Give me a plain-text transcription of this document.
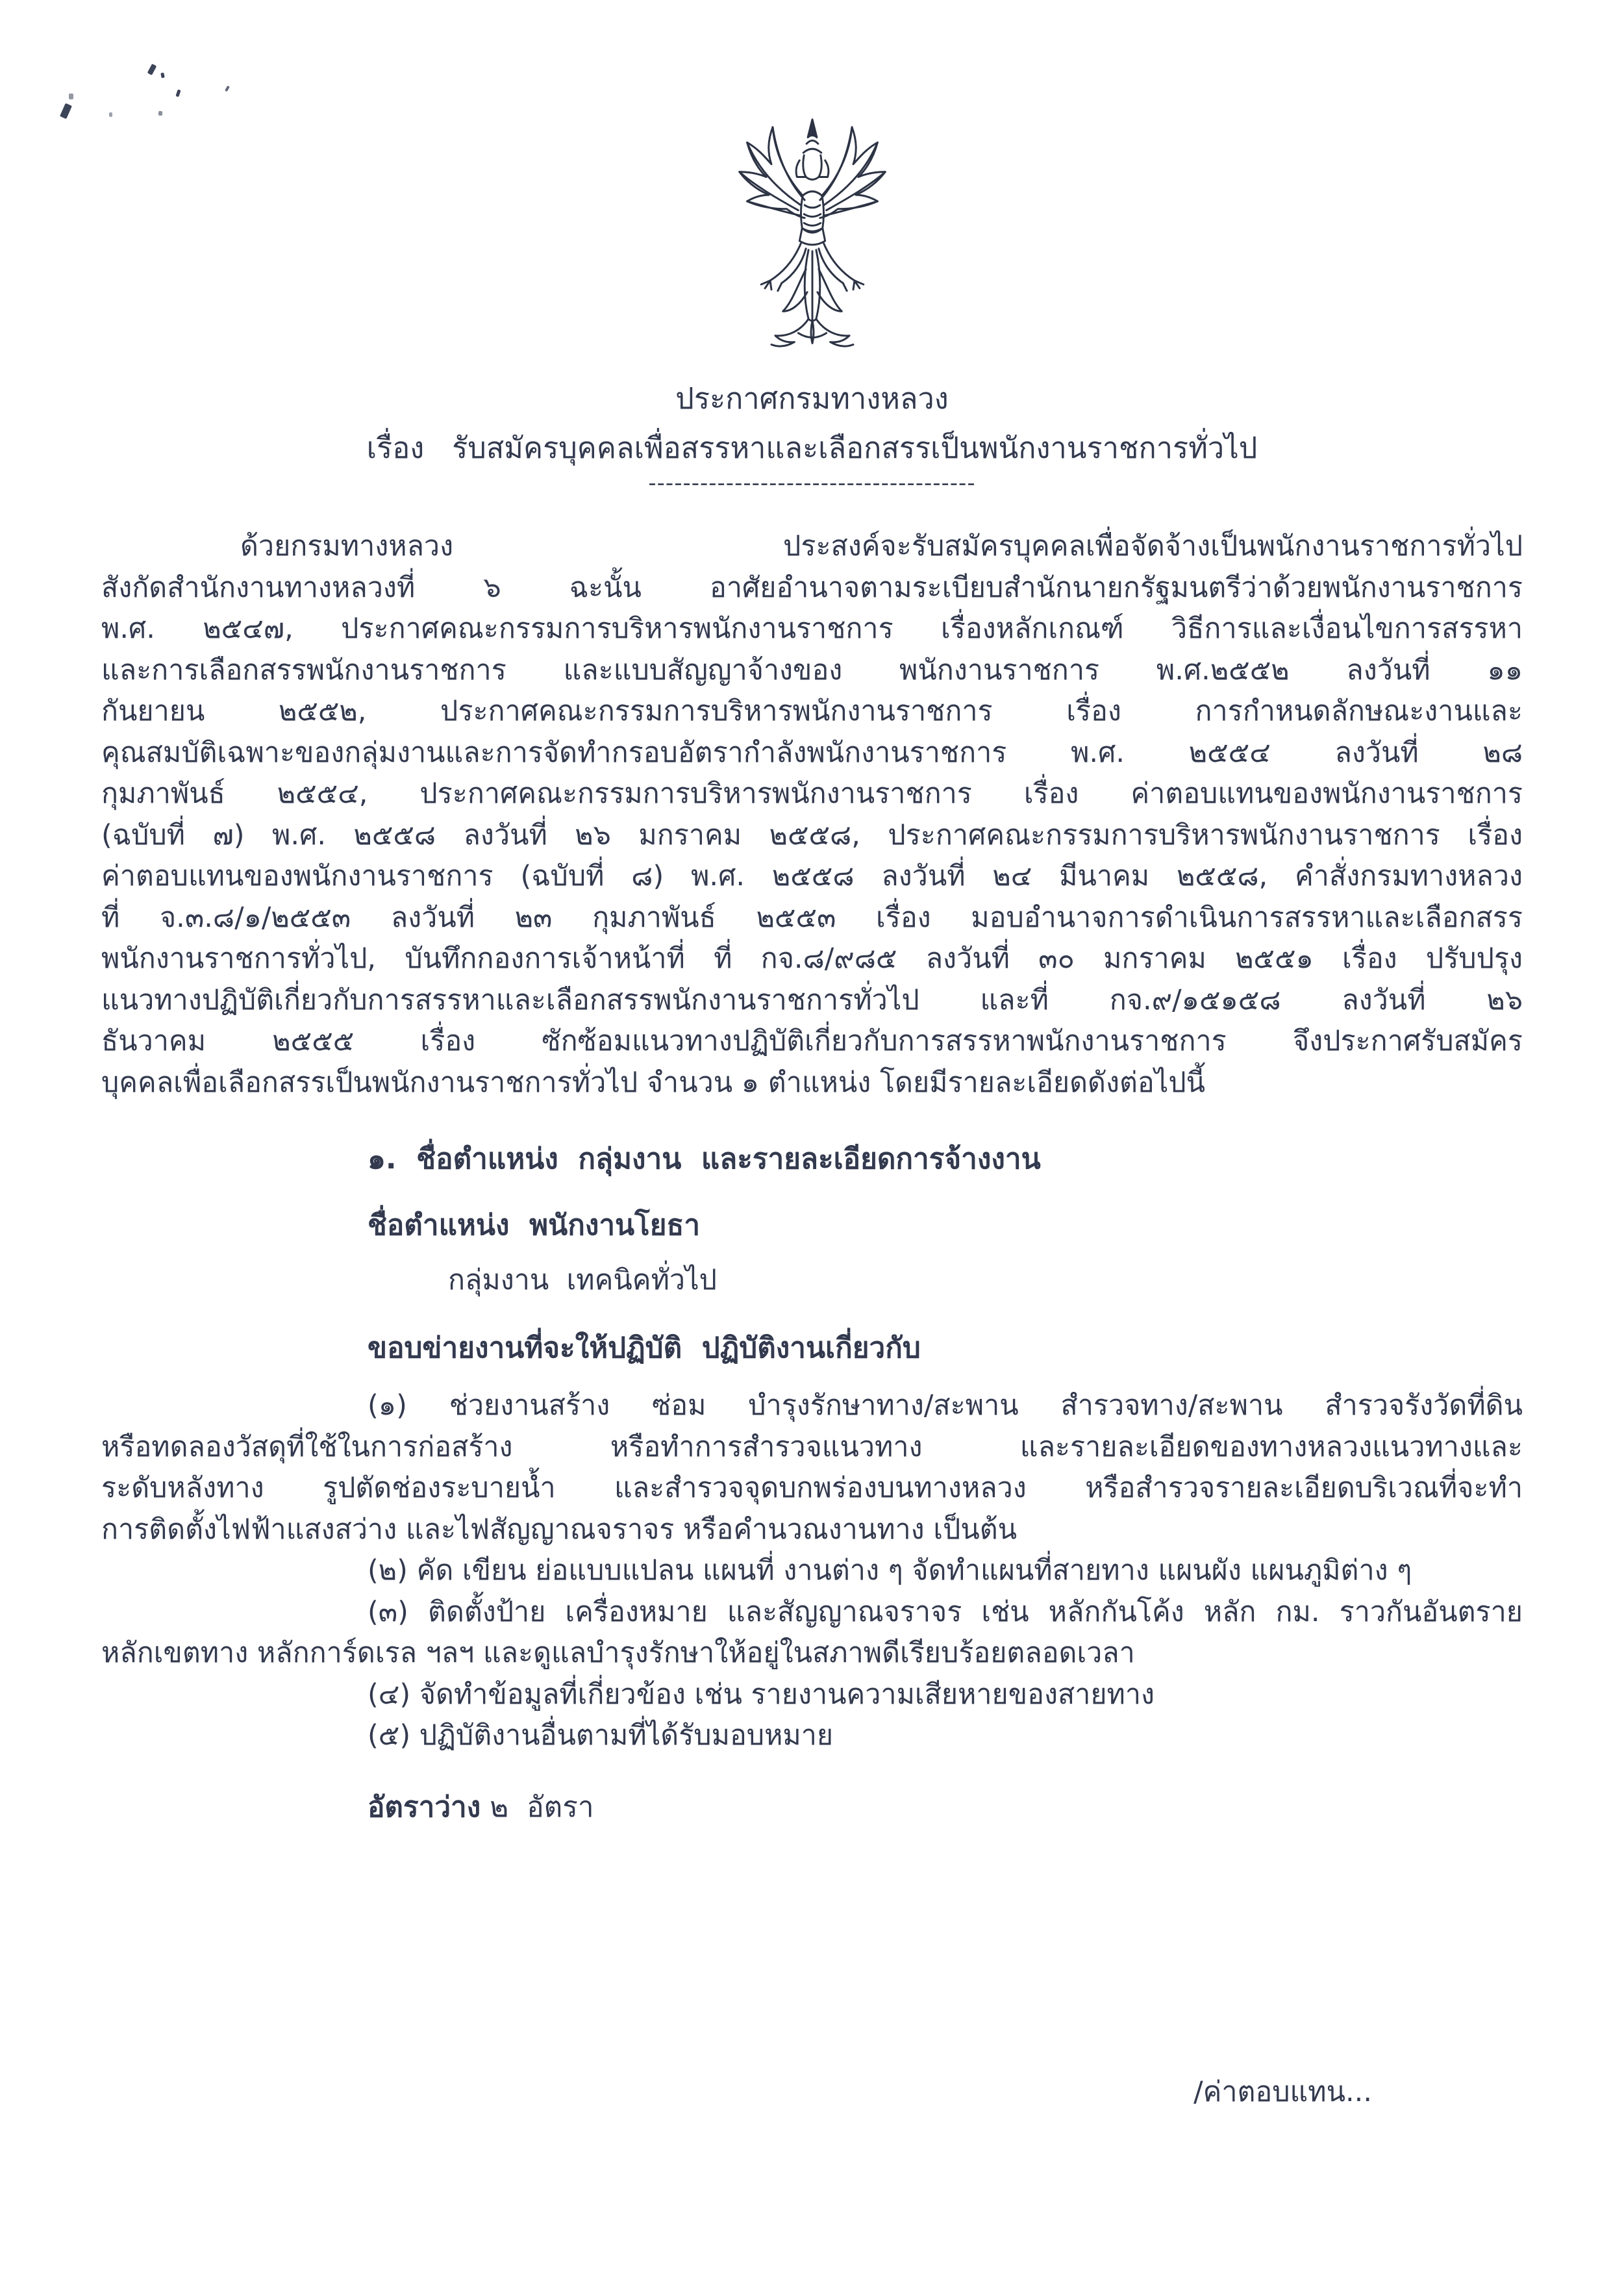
ประกาศกรมทางหลวง
เรื่อง   รับสมัครบุคคลเพื่อสรรหาและเลือกสรรเป็นพนักงานราชการทั่วไป
--------------------------------------
ด้วยกรมทางหลวง ประสงค์จะรับสมัครบุคคลเพื่อจัดจ้างเป็นพนักงานราชการทั่วไป
สังกัดสำนักงานทางหลวงที่ ๖ ฉะนั้น อาศัยอำนาจตามระเบียบสำนักนายกรัฐมนตรีว่าด้วยพนักงานราชการ
พ.ศ. ๒๕๔๗, ประกาศคณะกรรมการบริหารพนักงานราชการ เรื่องหลักเกณฑ์ วิธีการและเงื่อนไขการสรรหา
และการเลือกสรรพนักงานราชการ และแบบสัญญาจ้างของ พนักงานราชการ พ.ศ.๒๕๕๒ ลงวันที่ ๑๑
กันยายน ๒๕๕๒, ประกาศคณะกรรมการบริหารพนักงานราชการ เรื่อง การกำหนดลักษณะงานและ
คุณสมบัติเฉพาะของกลุ่มงานและการจัดทำกรอบอัตรากำลังพนักงานราชการ พ.ศ. ๒๕๕๔ ลงวันที่ ๒๘
กุมภาพันธ์ ๒๕๕๔, ประกาศคณะกรรมการบริหารพนักงานราชการ เรื่อง ค่าตอบแทนของพนักงานราชการ
(ฉบับที่ ๗) พ.ศ. ๒๕๕๘ ลงวันที่ ๒๖ มกราคม ๒๕๕๘, ประกาศคณะกรรมการบริหารพนักงานราชการ เรื่อง
ค่าตอบแทนของพนักงานราชการ (ฉบับที่ ๘) พ.ศ. ๒๕๕๘ ลงวันที่ ๒๔ มีนาคม ๒๕๕๘, คำสั่งกรมทางหลวง
ที่ จ.๓.๘/๑/๒๕๕๓ ลงวันที่ ๒๓ กุมภาพันธ์ ๒๕๕๓ เรื่อง มอบอำนาจการดำเนินการสรรหาและเลือกสรร
พนักงานราชการทั่วไป, บันทึกกองการเจ้าหน้าที่ ที่ กจ.๘/๙๘๕ ลงวันที่ ๓๐ มกราคม ๒๕๕๑ เรื่อง ปรับปรุง
แนวทางปฏิบัติเกี่ยวกับการสรรหาและเลือกสรรพนักงานราชการทั่วไป และที่ กจ.๙/๑๕๑๕๘ ลงวันที่ ๒๖
ธันวาคม ๒๕๕๕ เรื่อง ซักซ้อมแนวทางปฏิบัติเกี่ยวกับการสรรหาพนักงานราชการ จึงประกาศรับสมัคร
บุคคลเพื่อเลือกสรรเป็นพนักงานราชการทั่วไป จำนวน ๑ ตำแหน่ง โดยมีรายละเอียดดังต่อไปนี้
๑.  ชื่อตำแหน่ง  กลุ่มงาน  และรายละเอียดการจ้างงาน
ชื่อตำแหน่ง  พนักงานโยธา
กลุ่มงาน  เทคนิคทั่วไป
ขอบข่ายงานที่จะให้ปฏิบัติ  ปฏิบัติงานเกี่ยวกับ
(๑) ช่วยงานสร้าง ซ่อม บำรุงรักษาทาง/สะพาน สำรวจทาง/สะพาน สำรวจรังวัดที่ดิน
หรือทดลองวัสดุที่ใช้ในการก่อสร้าง หรือทำการสำรวจแนวทาง และรายละเอียดของทางหลวงแนวทางและ
ระดับหลังทาง รูปตัดช่องระบายน้ำ และสำรวจจุดบกพร่องบนทางหลวง หรือสำรวจรายละเอียดบริเวณที่จะทำ
การติดตั้งไฟฟ้าแสงสว่าง และไฟสัญญาณจราจร หรือคำนวณงานทาง เป็นต้น
(๒) คัด เขียน ย่อแบบแปลน แผนที่ งานต่าง ๆ จัดทำแผนที่สายทาง แผนผัง แผนภูมิต่าง ๆ
(๓) ติดตั้งป้าย เครื่องหมาย และสัญญาณจราจร เช่น หลักกันโค้ง หลัก กม. ราวกันอันตราย
หลักเขตทาง หลักการ์ดเรล ฯลฯ และดูแลบำรุงรักษาให้อยู่ในสภาพดีเรียบร้อยตลอดเวลา
(๔) จัดทำข้อมูลที่เกี่ยวข้อง เช่น รายงานความเสียหายของสายทาง
(๕) ปฏิบัติงานอื่นตามที่ได้รับมอบหมาย
อัตราว่าง ๒  อัตรา
/ค่าตอบแทน...
